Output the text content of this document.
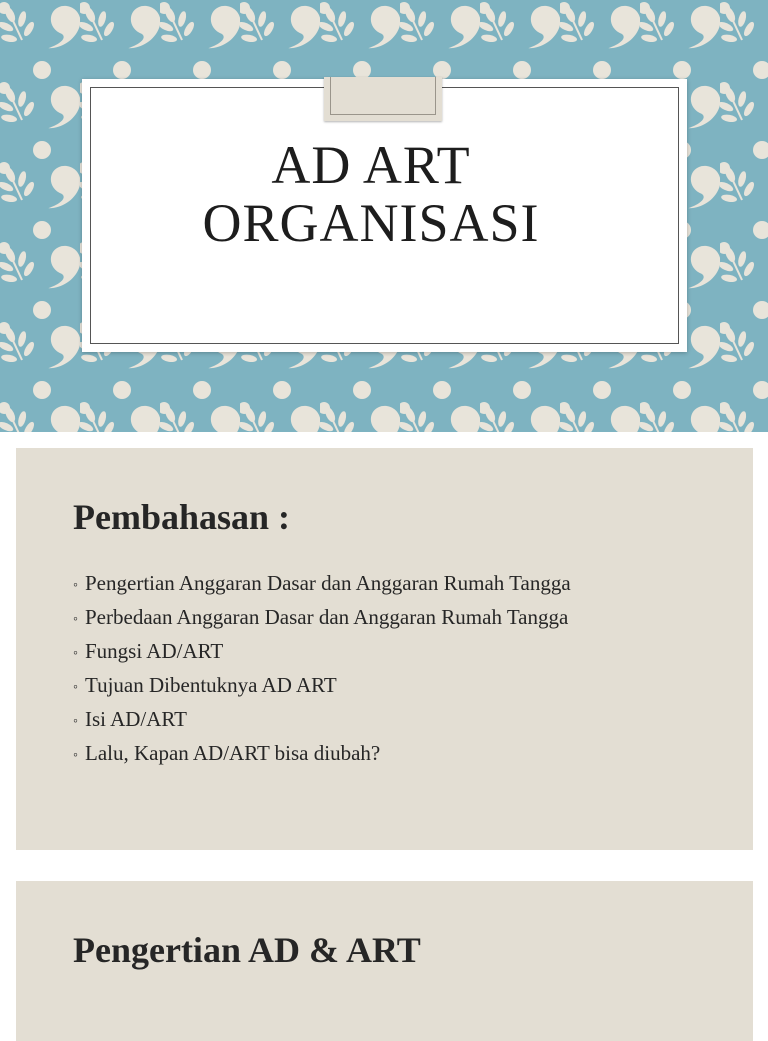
AD ART
ORGANISASI
Pembahasan :
◦ Pengertian Anggaran Dasar dan Anggaran Rumah Tangga
◦ Perbedaan Anggaran Dasar dan Anggaran Rumah Tangga
◦ Fungsi AD/ART
◦ Tujuan Dibentuknya AD ART
◦ Isi AD/ART
◦ Lalu, Kapan AD/ART bisa diubah?
Pengertian AD & ART
